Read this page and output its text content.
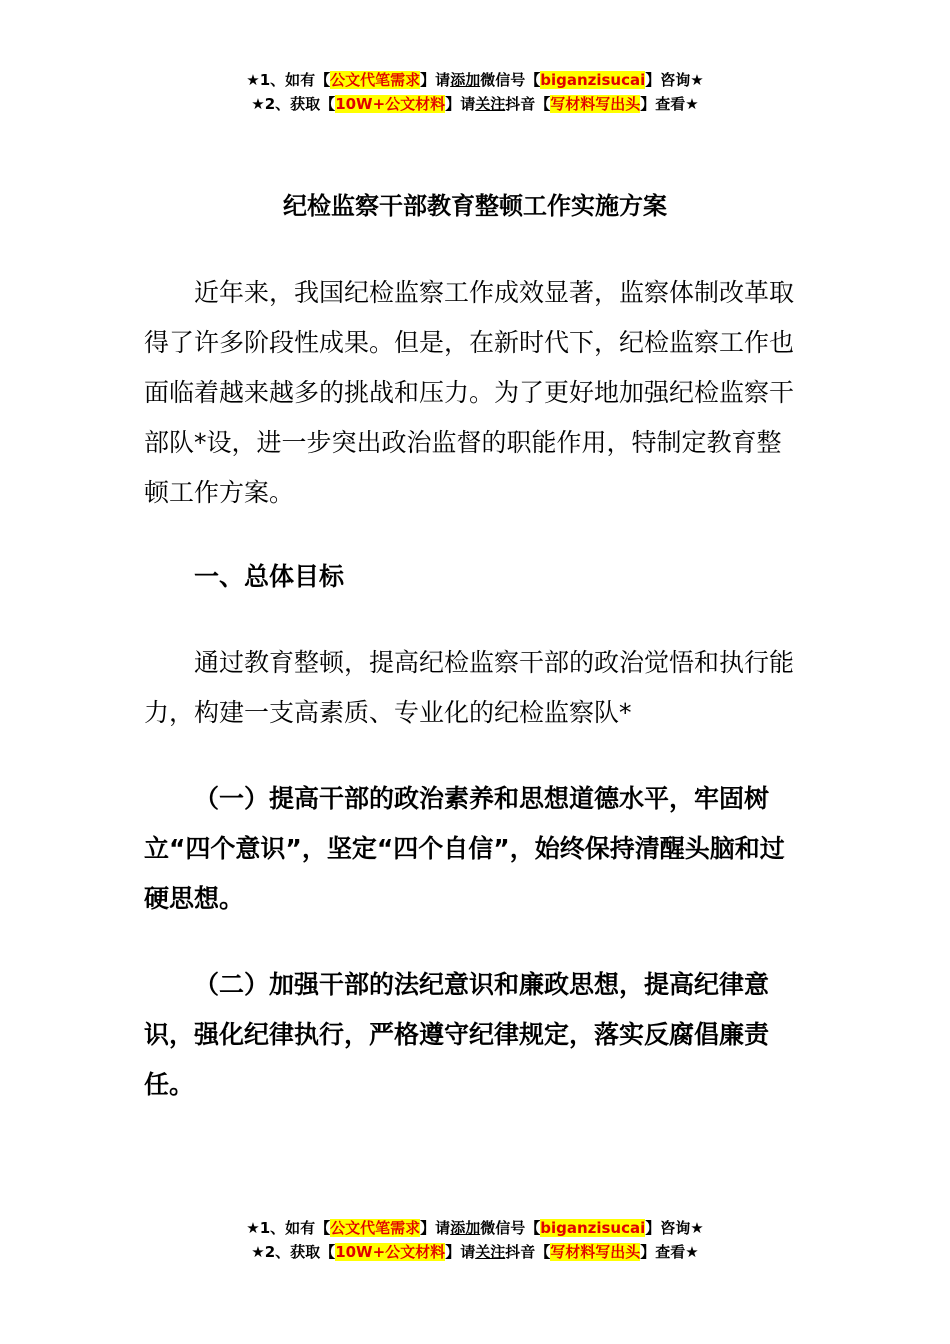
★1、如有【公文代笔需求】请添加微信号【biganzisucai】咨询★
★2、获取【10W+公文材料】请关注抖音【写材料写出头】查看★
纪检监察干部教育整顿工作实施方案

近年来，我国纪检监察工作成效显著，监察体制改革取得了许多阶段性成果。但是，在新时代下，纪检监察工作也面临着越来越多的挑战和压力。为了更好地加强纪检监察干部队*设，进一步突出政治监督的职能作用，特制定教育整顿工作方案。

一、总体目标

通过教育整顿，提高纪检监察干部的政治觉悟和执行能力，构建一支高素质、专业化的纪检监察队*

（一）提高干部的政治素养和思想道德水平，牢固树立“四个意识”，坚定“四个自信”，始终保持清醒头脑和过硬思想。

（二）加强干部的法纪意识和廉政思想，提高纪律意识，强化纪律执行，严格遵守纪律规定，落实反腐倡廉责任。

★1、如有【公文代笔需求】请添加微信号【biganzisucai】咨询★
★2、获取【10W+公文材料】请关注抖音【写材料写出头】查看★
